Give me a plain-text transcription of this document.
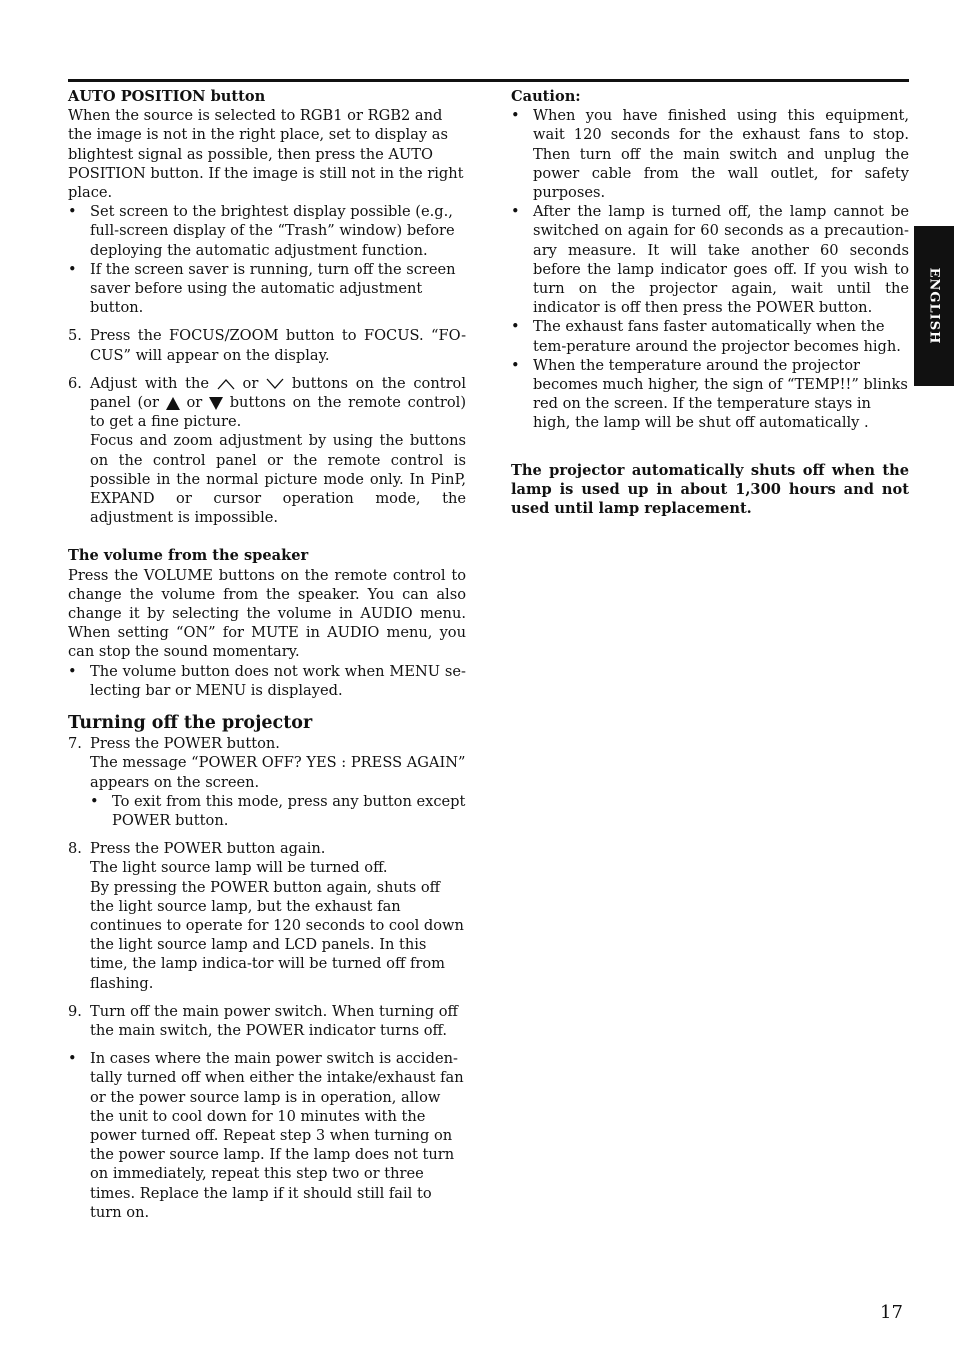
AUTO POSITION button

When the source is selected to RGB1 or RGB2 and the image is not in the right place, set to display as blightest signal as possible, then press the AUTO POSITION button. If the image is still not in the right place.

• Set screen to the brightest display possible (e.g., full-screen display of the “Trash” window) before deploying the automatic adjustment function.
• If the screen saver is running, turn off the screen saver before using the automatic adjustment button.
5. Press the FOCUS/ZOOM button to FOCUS. “FO-CUS” will appear on the display.
6. Adjust with the or buttons on the control panel (or or buttons on the remote control) to get a fine picture.

Focus and zoom adjustment by using the buttons on the control panel or the remote control is possible in the normal picture mode only. In PinP, EXPAND or cursor operation mode, the adjustment is impossible.

The volume from the speaker

Press the VOLUME buttons on the remote control to change the volume from the speaker. You can also change it by selecting the volume in AUDIO menu. When setting “ON” for MUTE in AUDIO menu, you can stop the sound momentary.

• The volume button does not work when MENU se-lecting bar or MENU is displayed.

Turning off the projector

7. Press the POWER button.

The message “POWER OFF? YES : PRESS AGAIN” appears on the screen.

• To exit from this mode, press any button except POWER button.
8. Press the POWER button again.

The light source lamp will be turned off.

By pressing the POWER button again, shuts off the light source lamp, but the exhaust fan continues to operate for 120 seconds to cool down the light source lamp and LCD panels. In this time, the lamp indica-tor will be turned off from flashing.

9. Turn off the main power switch. When turning off the main switch, the POWER indicator turns off.
• In cases where the main power switch is acciden-tally turned off when either the intake/exhaust fan or the power source lamp is in operation, allow the unit to cool down for 10 minutes with the power turned off. Repeat step 3 when turning on the power source lamp. If the lamp does not turn on immediately, repeat this step two or three times. Replace the lamp if it should still fail to turn on.

Caution:

• When you have finished using this equipment, wait 120 seconds for the exhaust fans to stop. Then turn off the main switch and unplug the power cable from the wall outlet, for safety purposes.
• After the lamp is turned off, the lamp cannot be switched on again for 60 seconds as a precaution-ary measure. It will take another 60 seconds before the lamp indicator goes off. If you wish to turn on the projector again, wait until the indicator is off then press the POWER button.
• The exhaust fans faster automatically when the tem-perature around the projector becomes high.
• When the temperature around the projector becomes much higher, the sign of “TEMP!!” blinks red on the screen. If the temperature stays in high, the lamp will be shut off automatically .

The projector automatically shuts off when the lamp is used up in about 1,300 hours and not used until lamp replacement.

ENGLISH
17
